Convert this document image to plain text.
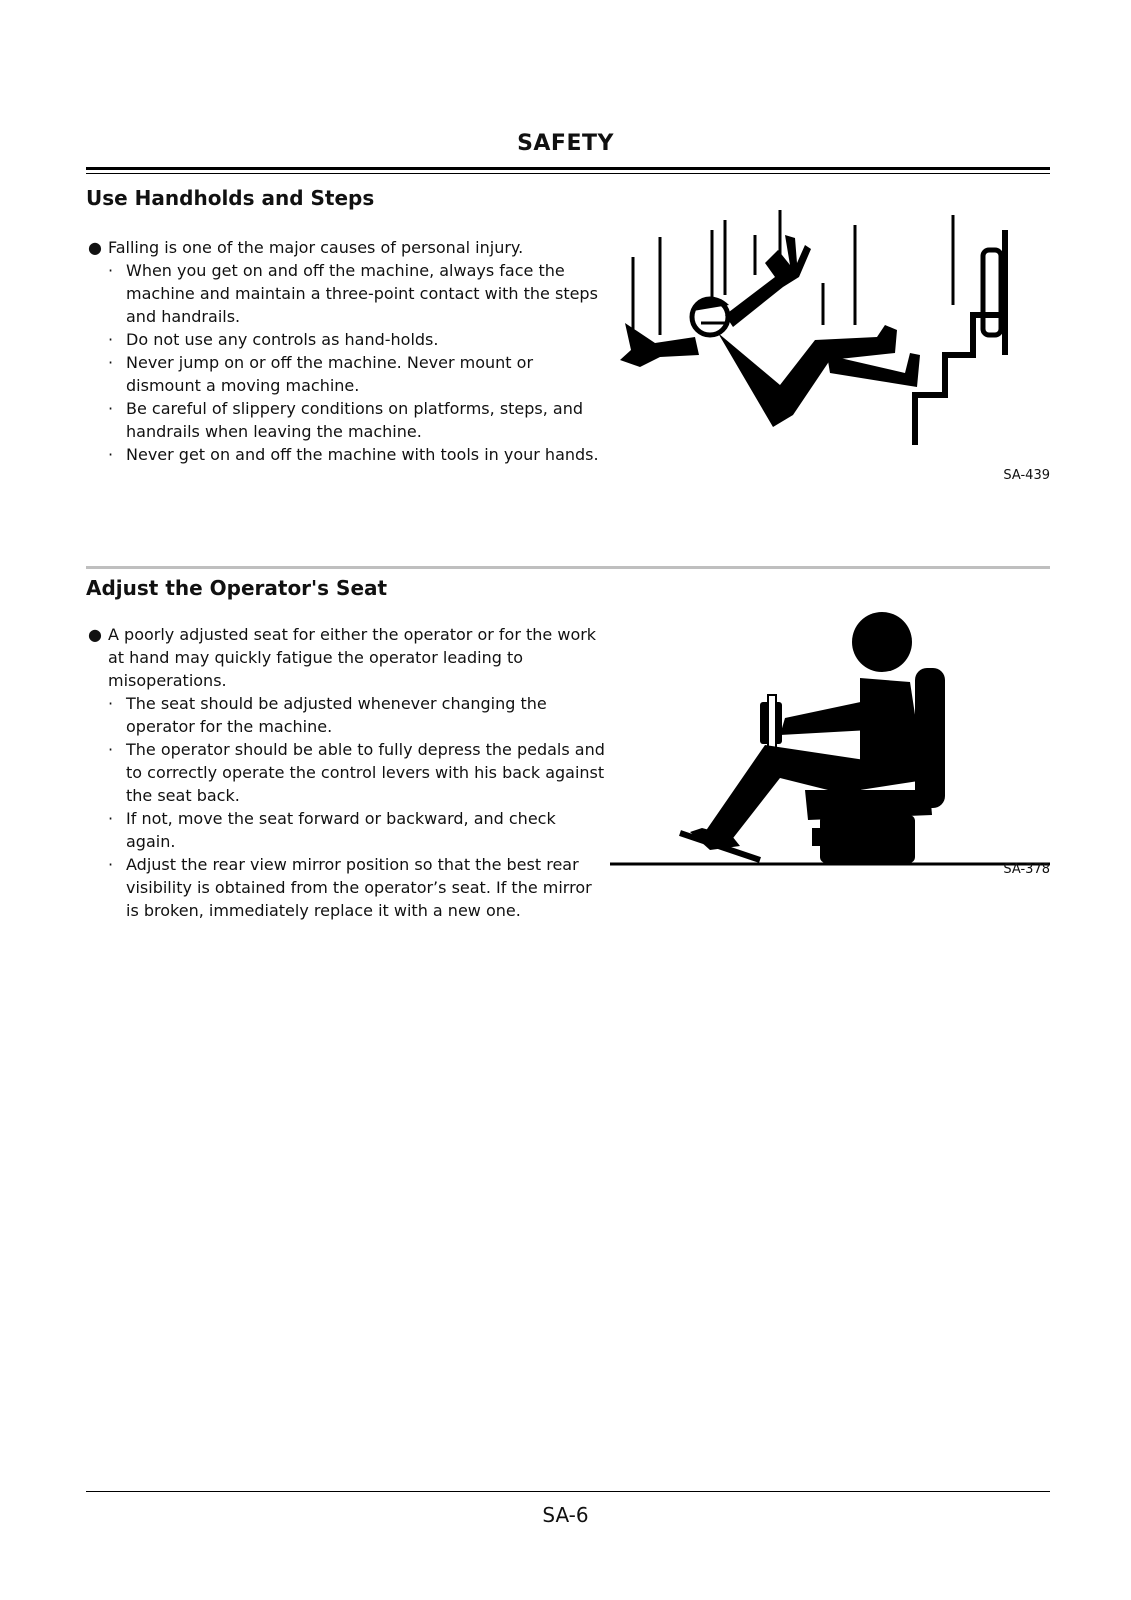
SAFETY
Use Handholds and Steps

● Falling is one of the major causes of personal injury.

· When you get on and off the machine, always face the machine and maintain a three-point contact with the steps and handrails.

· Do not use any controls as hand-holds.

· Never jump on or off the machine. Never mount or dismount a moving machine.

· Be careful of slippery conditions on platforms, steps, and handrails when leaving the machine.

· Never get on and off the machine with tools in your hands.

SA-439
Adjust the Operator's Seat

● A poorly adjusted seat for either the operator or for the work at hand may quickly fatigue the operator leading to misoperations.

· The seat should be adjusted whenever changing the operator for the machine.

· The operator should be able to fully depress the pedals and to correctly operate the control levers with his back against the seat back.

· If not, move the seat forward or backward, and check again.

· Adjust the rear view mirror position so that the best rear visibility is obtained from the operator’s seat. If the mirror is broken, immediately replace it with a new one.

SA-378
SA-6
